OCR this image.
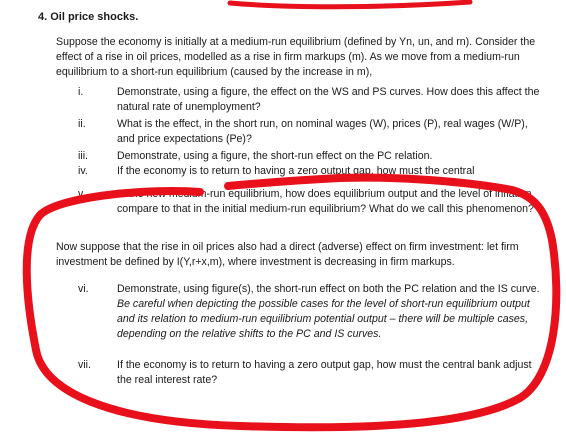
4. Oil price shocks.
Suppose the economy is initially at a medium-run equilibrium (defined by Yn, un, and rn). Consider the effect of a rise in oil prices, modelled as a rise in firm markups (m). As we move from a medium-run equilibrium to a short-run equilibrium (caused by the increase in m),
i.	Demonstrate, using a figure, the effect on the WS and PS curves. How does this affect the natural rate of unemployment?
ii.	What is the effect, in the short run, on nominal wages (W), prices (P), real wages (W/P), and price expectations (Pe)?
iii.	Demonstrate, using a figure, the short-run effect on the PC relation.
iv.	If the economy is to return to having a zero output gap, how must the central
v.	In the new medium-run equilibrium, how does equilibrium output and the level of inflation compare to that in the initial medium-run equilibrium? What do we call this phenomenon?
Now suppose that the rise in oil prices also had a direct (adverse) effect on firm investment: let firm investment be defined by I(Y,r+x,m), where investment is decreasing in firm markups.
vi.	Demonstrate, using figure(s), the short-run effect on both the PC relation and the IS curve. Be careful when depicting the possible cases for the level of short-run equilibrium output and its relation to medium-run equilibrium potential output – there will be multiple cases, depending on the relative shifts to the PC and IS curves.
vii. If the economy is to return to having a zero output gap, how must the central bank adjust the real interest rate?
